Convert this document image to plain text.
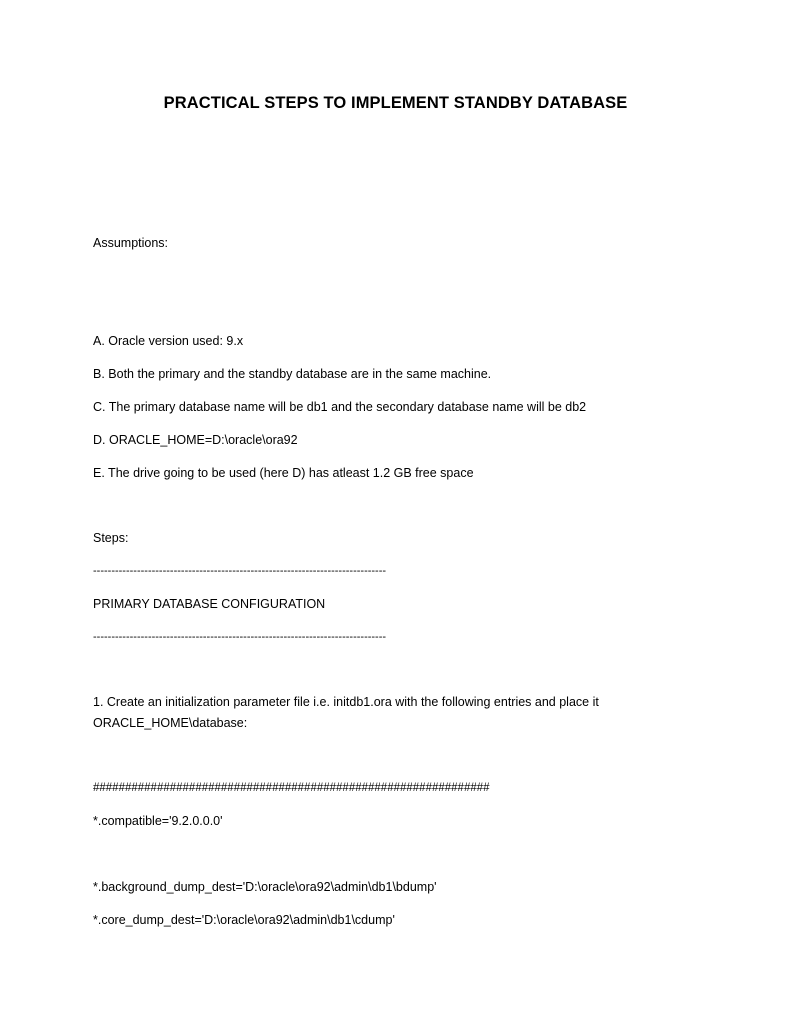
PRACTICAL STEPS TO IMPLEMENT STANDBY DATABASE
Assumptions:
A. Oracle version used: 9.x
B. Both the primary and the standby database are in the same machine.
C. The primary database name will be db1 and the secondary database name will be db2
D. ORACLE_HOME=D:\oracle\ora92
E. The drive going to be used (here D) has atleast 1.2 GB free space
Steps:
--------------------------------------------------------------------------------
PRIMARY DATABASE CONFIGURATION
--------------------------------------------------------------------------------
1. Create an initialization parameter file i.e. initdb1.ora with the following entries and place it ORACLE_HOME\database:
##############################################################
*.compatible='9.2.0.0.0'
*.background_dump_dest='D:\oracle\ora92\admin\db1\bdump'
*.core_dump_dest='D:\oracle\ora92\admin\db1\cdump'
